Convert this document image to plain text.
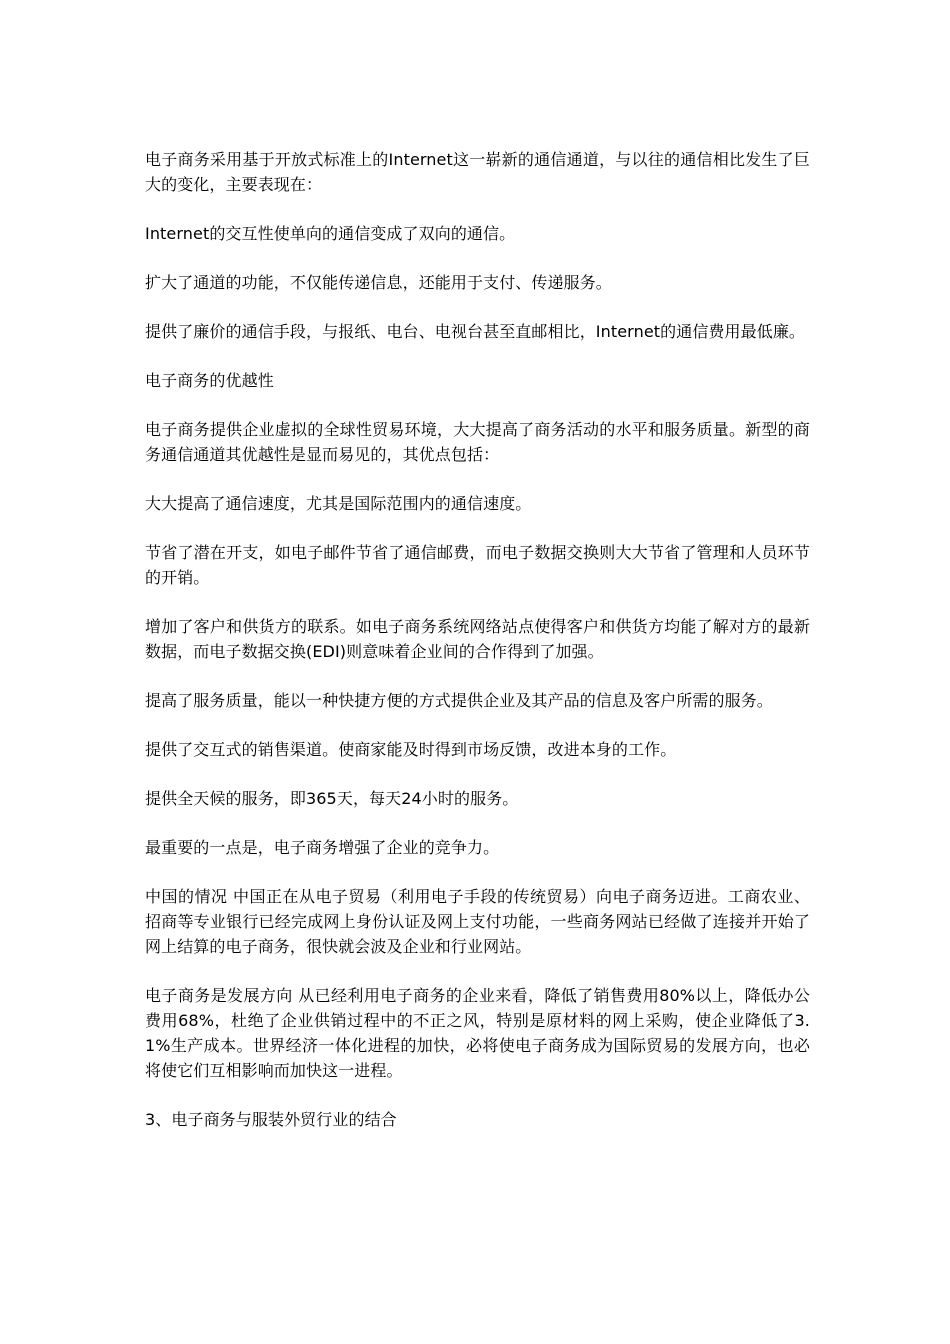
电子商务采用基于开放式标准上的Internet这一崭新的通信通道，与以往的通信相比发生了巨大的变化，主要表现在：

Internet的交互性使单向的通信变成了双向的通信。

扩大了通道的功能，不仅能传递信息，还能用于支付、传递服务。

提供了廉价的通信手段，与报纸、电台、电视台甚至直邮相比，Internet的通信费用最低廉。

电子商务的优越性

电子商务提供企业虚拟的全球性贸易环境，大大提高了商务活动的水平和服务质量。新型的商务通信通道其优越性是显而易见的，其优点包括：

大大提高了通信速度，尤其是国际范围内的通信速度。

节省了潜在开支，如电子邮件节省了通信邮费，而电子数据交换则大大节省了管理和人员环节的开销。

增加了客户和供货方的联系。如电子商务系统网络站点使得客户和供货方均能了解对方的最新数据，而电子数据交换(EDI)则意味着企业间的合作得到了加强。

提高了服务质量，能以一种快捷方便的方式提供企业及其产品的信息及客户所需的服务。

提供了交互式的销售渠道。使商家能及时得到市场反馈，改进本身的工作。

提供全天候的服务，即365天，每天24小时的服务。

最重要的一点是，电子商务增强了企业的竞争力。

中国的情况 中国正在从电子贸易（利用电子手段的传统贸易）向电子商务迈进。工商农业、招商等专业银行已经完成网上身份认证及网上支付功能，一些商务网站已经做了连接并开始了网上结算的电子商务，很快就会波及企业和行业网站。

电子商务是发展方向 从已经利用电子商务的企业来看，降低了销售费用80%以上，降低办公费用68%，杜绝了企业供销过程中的不正之风，特别是原材料的网上采购，使企业降低了3.1%生产成本。世界经济一体化进程的加快，必将使电子商务成为国际贸易的发展方向，也必将使它们互相影响而加快这一进程。

3、电子商务与服装外贸行业的结合
